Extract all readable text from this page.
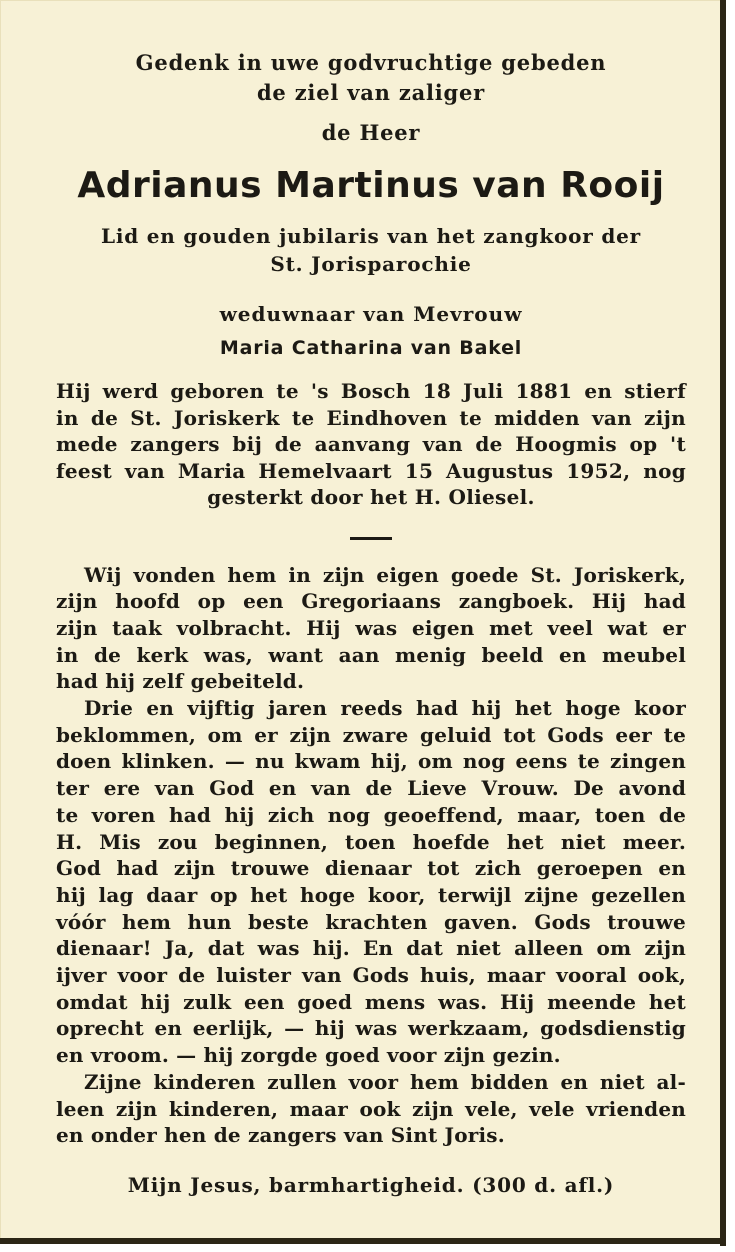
Gedenk in uwe godvruchtige gebeden

de ziel van zaliger

de Heer

Adrianus Martinus van Rooij

Lid en gouden jubilaris van het zangkoor der

St. Jorisparochie

weduwnaar van Mevrouw

Maria Catharina van Bakel

Hij werd geboren te 's Bosch 18 Juli 1881 en stierf

in de St. Joriskerk te Eindhoven te midden van zijn

mede zangers bij de aanvang van de Hoogmis op 't

feest van Maria Hemelvaart 15 Augustus 1952, nog

gesterkt door het H. Oliesel.

Wij vonden hem in zijn eigen goede St. Joriskerk,
zijn hoofd op een Gregoriaans zangboek. Hij had
zijn taak volbracht. Hij was eigen met veel wat er
in de kerk was, want aan menig beeld en meubel
had hij zelf gebeiteld.
Drie en vijftig jaren reeds had hij het hoge koor
beklommen, om er zijn zware geluid tot Gods eer te
doen klinken. — nu kwam hij, om nog eens te zingen
ter ere van God en van de Lieve Vrouw. De avond
te voren had hij zich nog geoeffend, maar, toen de
H. Mis zou beginnen, toen hoefde het niet meer.
God had zijn trouwe dienaar tot zich geroepen en
hij lag daar op het hoge koor, terwijl zijne gezellen
vóór hem hun beste krachten gaven. Gods trouwe
dienaar! Ja, dat was hij. En dat niet alleen om zijn
ijver voor de luister van Gods huis, maar vooral ook,
omdat hij zulk een goed mens was. Hij meende het
oprecht en eerlijk, — hij was werkzaam, godsdienstig
en vroom. — hij zorgde goed voor zijn gezin.
Zijne kinderen zullen voor hem bidden en niet al-
leen zijn kinderen, maar ook zijn vele, vele vrienden
en onder hen de zangers van Sint Joris.

Mijn Jesus, barmhartigheid. (300 d. afl.)
